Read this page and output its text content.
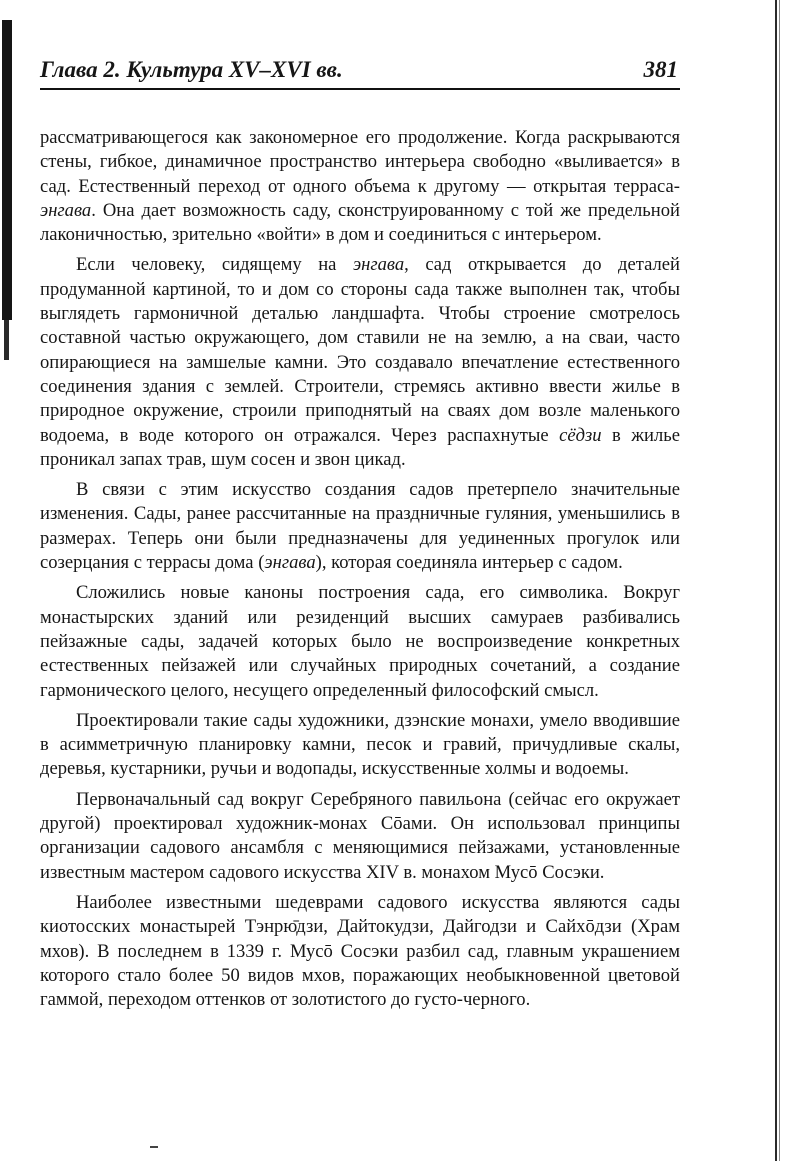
Глава 2. Культура XV–XVI вв.	381

рассматривающегося как закономерное его продолжение. Когда раскрываются стены, гибкое, динамичное пространство интерьера свободно «выливается» в сад. Естественный переход от одного объема к другому — открытая терраса-энгава. Она дает возможность саду, сконструированному с той же предельной лаконичностью, зрительно «войти» в дом и соединиться с интерьером.

Если человеку, сидящему на энгава, сад открывается до деталей продуманной картиной, то и дом со стороны сада также выполнен так, чтобы выглядеть гармоничной деталью ландшафта. Чтобы строение смотрелось составной частью окружающего, дом ставили не на землю, а на сваи, часто опирающиеся на замшелые камни. Это создавало впечатление естественного соединения здания с землей. Строители, стремясь активно ввести жилье в природное окружение, строили приподнятый на сваях дом возле маленького водоема, в воде которого он отражался. Через распахнутые сёдзи в жилье проникал запах трав, шум сосен и звон цикад.

В связи с этим искусство создания садов претерпело значительные изменения. Сады, ранее рассчитанные на праздничные гуляния, уменьшились в размерах. Теперь они были предназначены для уединенных прогулок или созерцания с террасы дома (энгава), которая соединяла интерьер с садом.

Сложились новые каноны построения сада, его символика. Вокруг монастырских зданий или резиденций высших самураев разбивались пейзажные сады, задачей которых было не воспроизведение конкретных естественных пейзажей или случайных природных сочетаний, а создание гармонического целого, несущего определенный философский смысл.

Проектировали такие сады художники, дзэнские монахи, умело вводившие в асимметричную планировку камни, песок и гравий, причудливые скалы, деревья, кустарники, ручьи и водопады, искусственные холмы и водоемы.

Первоначальный сад вокруг Серебряного павильона (сейчас его окружает другой) проектировал художник-монах Сōами. Он использовал принципы организации садового ансамбля с меняющимися пейзажами, установленные известным мастером садового искусства XIV в. монахом Мусō Сосэки.

Наиболее известными шедеврами садового искусства являются сады киотосских монастырей Тэнрю̄дзи, Дайтокудзи, Дайгодзи и Сайхōдзи (Храм мхов). В последнем в 1339 г. Мусō Сосэки разбил сад, главным украшением которого стало более 50 видов мхов, поражающих необыкновенной цветовой гаммой, переходом оттенков от золотистого до густо-черного.
